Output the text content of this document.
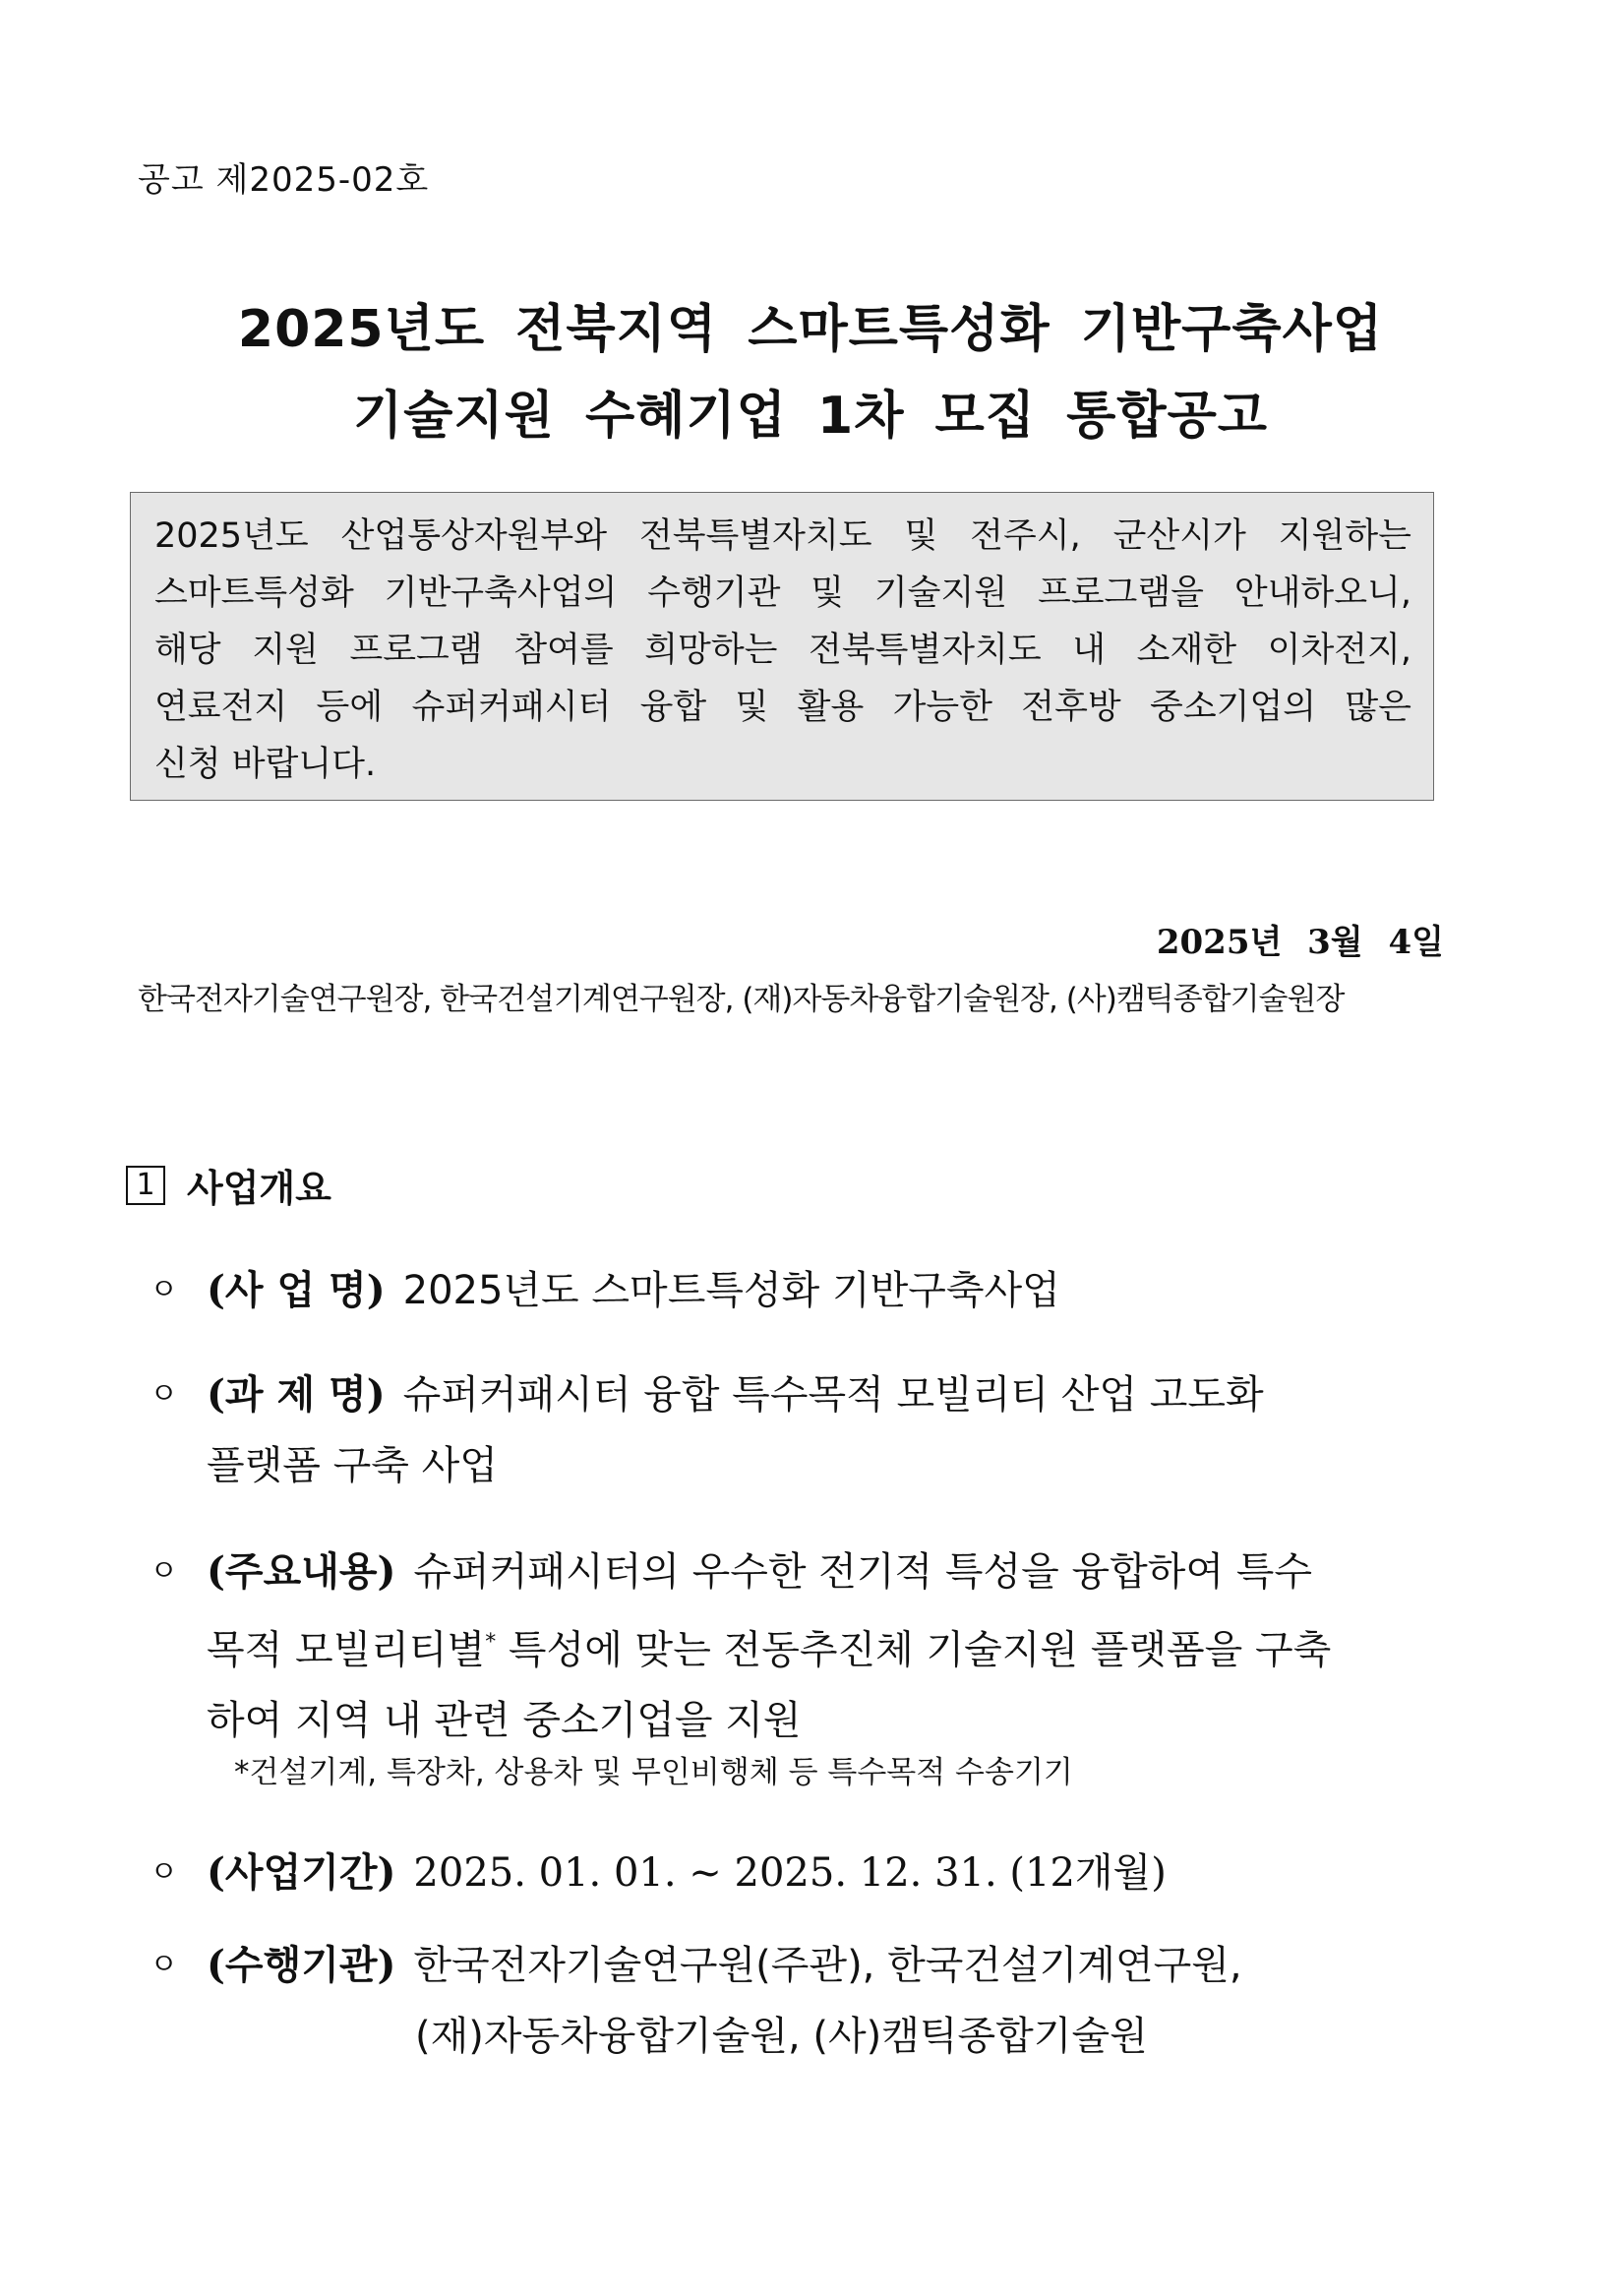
공고 제2025-02호
2025년도 전북지역 스마트특성화 기반구축사업
기술지원 수혜기업 1차 모집 통합공고
2025년도 산업통상자원부와 전북특별자치도 및 전주시, 군산시가 지원하는
스마트특성화 기반구축사업의 수행기관 및 기술지원 프로그램을 안내하오니,
해당 지원 프로그램 참여를 희망하는 전북특별자치도 내 소재한 이차전지,
연료전지 등에 슈퍼커패시터 융합 및 활용 가능한 전후방 중소기업의 많은
신청 바랍니다.
2025년 3월 4일
한국전자기술연구원장, 한국건설기계연구원장, (재)자동차융합기술원장, (사)캠틱종합기술원장
1 사업개요
ㅇ (사 업 명) 2025년도 스마트특성화 기반구축사업
ㅇ (과 제 명) 슈퍼커패시터 융합 특수목적 모빌리티 산업 고도화
플랫폼 구축 사업
ㅇ (주요내용) 슈퍼커패시터의 우수한 전기적 특성을 융합하여 특수
목적 모빌리티별* 특성에 맞는 전동추진체 기술지원 플랫폼을 구축
하여 지역 내 관련 중소기업을 지원
*건설기계, 특장차, 상용차 및 무인비행체 등 특수목적 수송기기
ㅇ (사업기간) 2025. 01. 01. ~ 2025. 12. 31. (12개월)
ㅇ (수행기관) 한국전자기술연구원(주관), 한국건설기계연구원,
(재)자동차융합기술원, (사)캠틱종합기술원
